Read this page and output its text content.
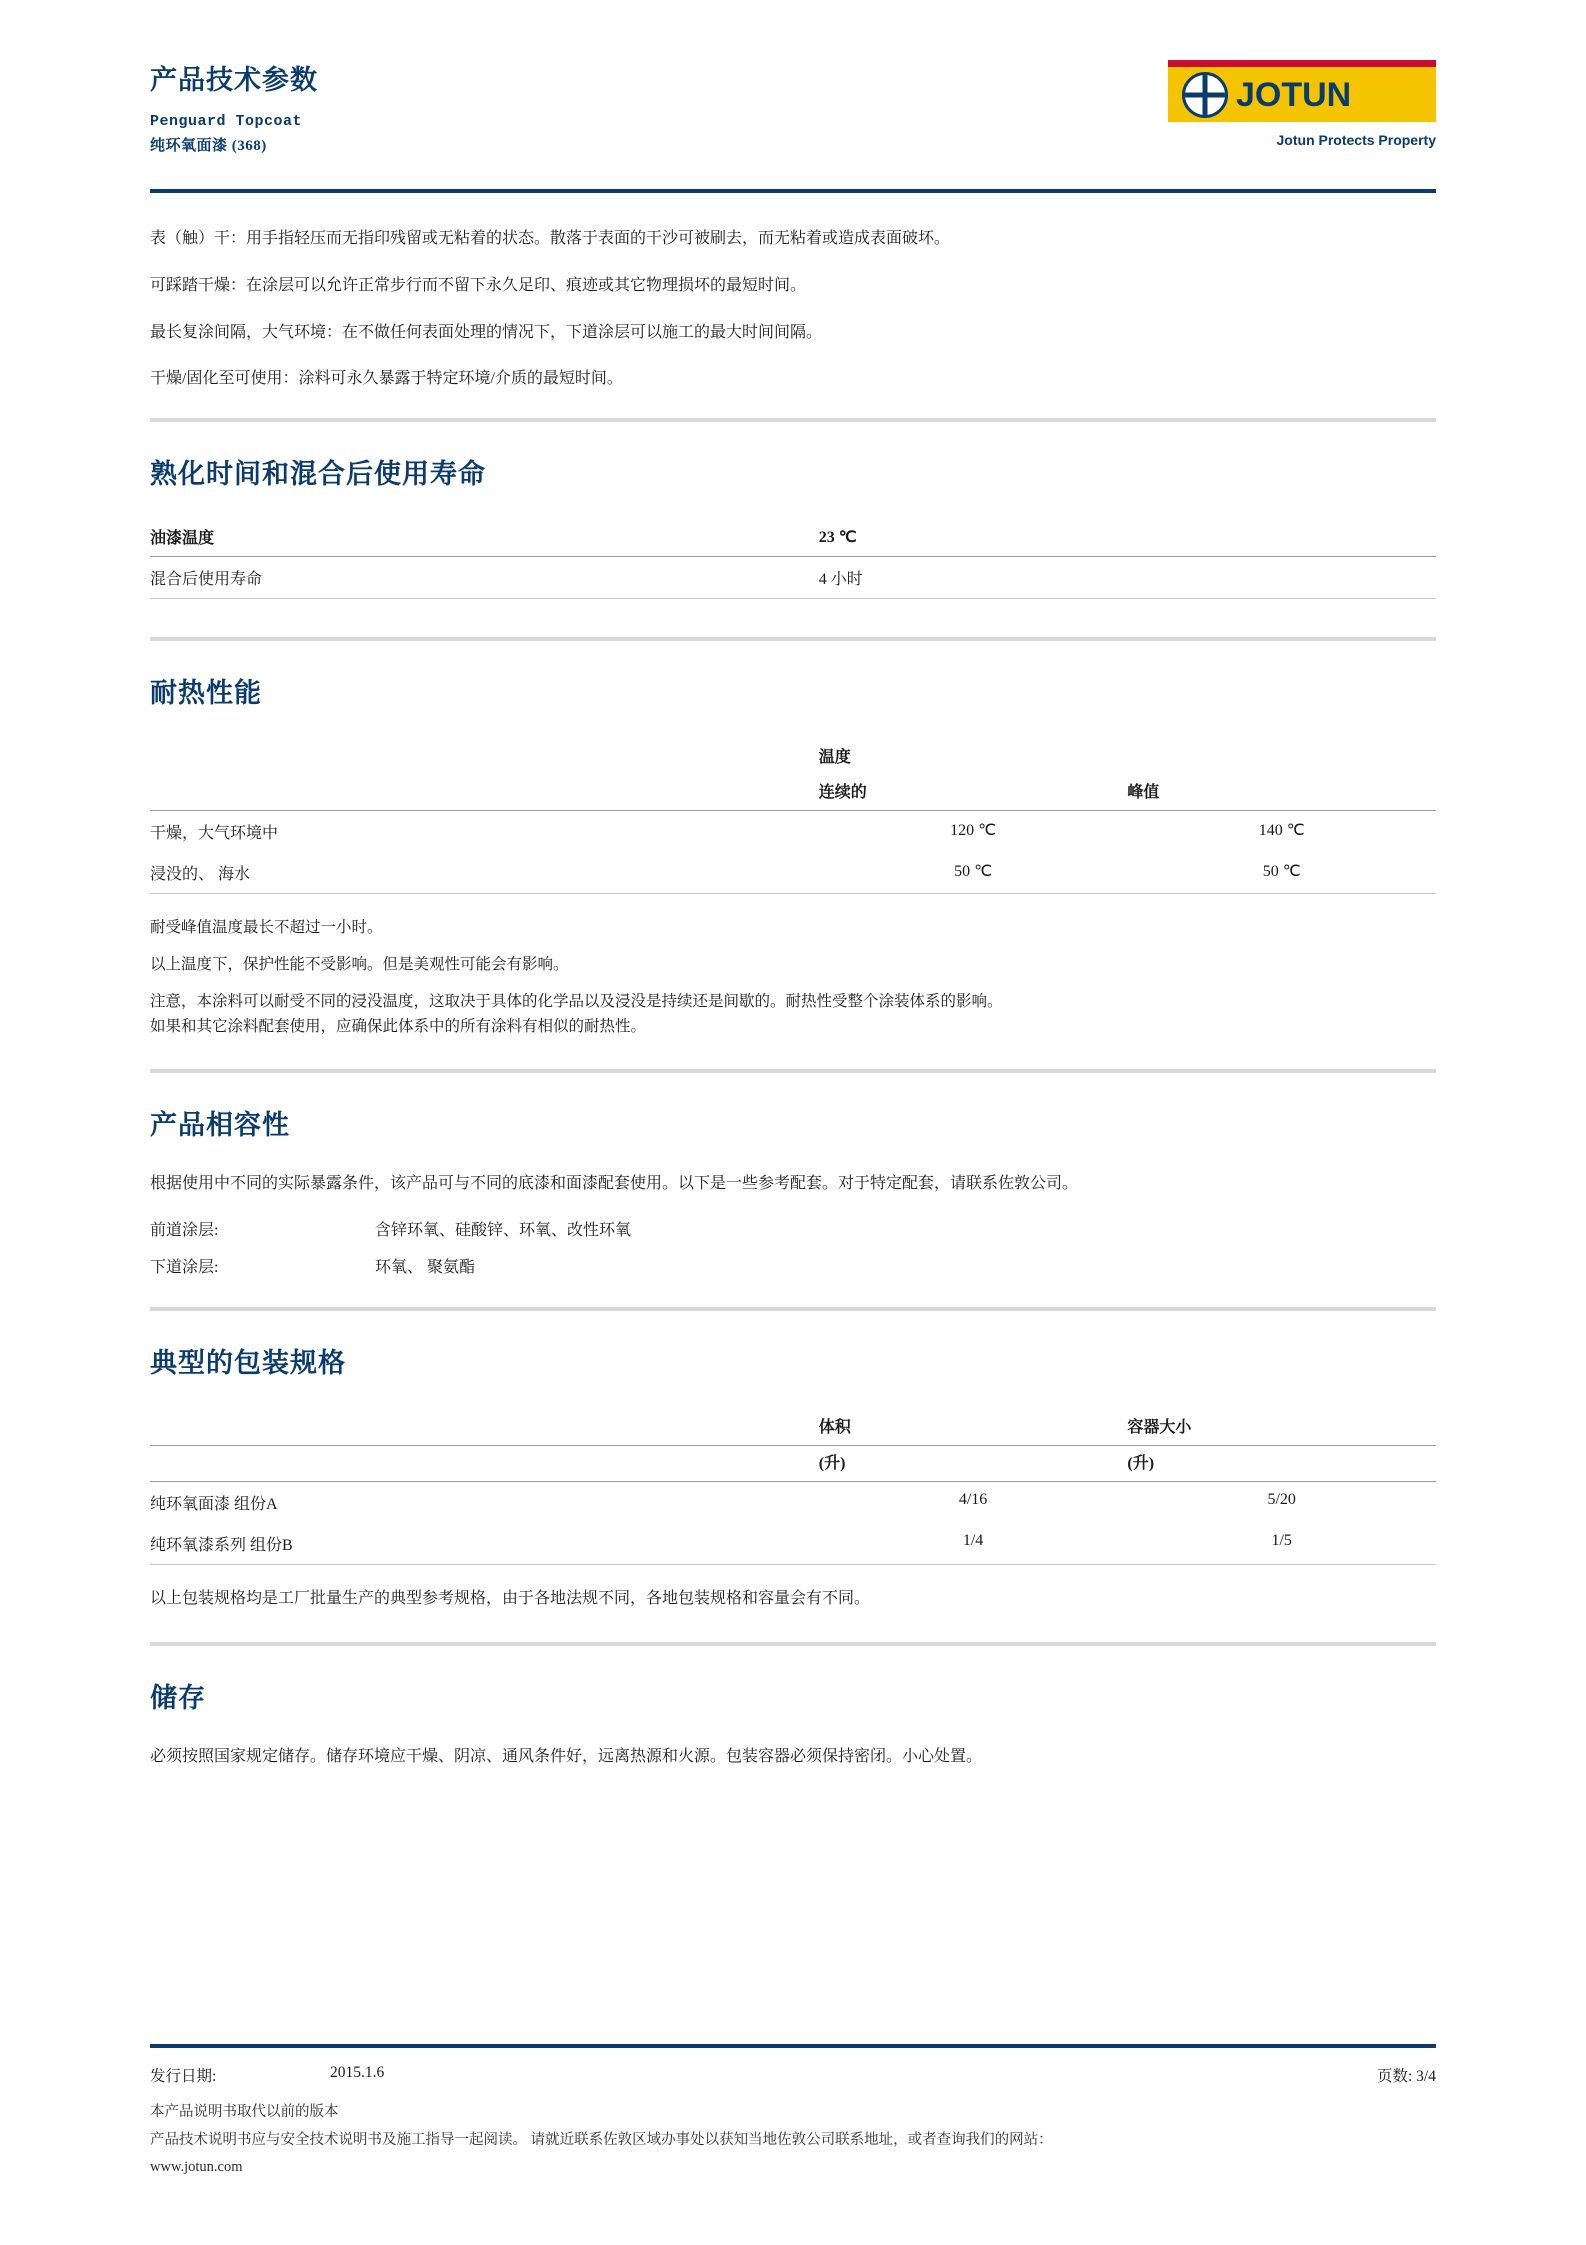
产品技术参数
Penguard Topcoat
纯环氧面漆 (368)
JOTUN
Jotun Protects Property

表（触）干：用手指轻压而无指印残留或无粘着的状态。散落于表面的干沙可被刷去，而无粘着或造成表面破坏。

可踩踏干燥：在涂层可以允许正常步行而不留下永久足印、痕迹或其它物理损坏的最短时间。

最长复涂间隔，大气环境：在不做任何表面处理的情况下，下道涂层可以施工的最大时间间隔。

干燥/固化至可使用：涂料可永久暴露于特定环境/介质的最短时间。

熟化时间和混合后使用寿命
油漆温度	23 ℃	
混合后使用寿命	4 小时	
耐热性能
	温度	
	连续的	峰值
干燥，大气环境中	120 ℃	140 ℃
浸没的、 海水	50 ℃	50 ℃

耐受峰值温度最长不超过一小时。

以上温度下，保护性能不受影响。但是美观性可能会有影响。

注意，本涂料可以耐受不同的浸没温度，这取决于具体的化学品以及浸没是持续还是间歇的。耐热性受整个涂装体系的影响。

如果和其它涂料配套使用，应确保此体系中的所有涂料有相似的耐热性。

产品相容性

根据使用中不同的实际暴露条件，该产品可与不同的底漆和面漆配套使用。以下是一些参考配套。对于特定配套，请联系佐敦公司。

前道涂层:	含锌环氧、硅酸锌、环氧、改性环氧
下道涂层:	环氧、 聚氨酯
典型的包装规格
	体积	容器大小
	(升)	(升)
纯环氧面漆 组份A	4/16	5/20
纯环氧漆系列 组份B	1/4	1/5

以上包装规格均是工厂批量生产的典型参考规格，由于各地法规不同，各地包装规格和容量会有不同。

储存

必须按照国家规定储存。储存环境应干燥、阴凉、通风条件好，远离热源和火源。包装容器必须保持密闭。小心处置。

发行日期:	2015.1.6	页数: 3/4

本产品说明书取代以前的版本

产品技术说明书应与安全技术说明书及施工指导一起阅读。 请就近联系佐敦区域办事处以获知当地佐敦公司联系地址，或者查询我们的网站：

www.jotun.com
